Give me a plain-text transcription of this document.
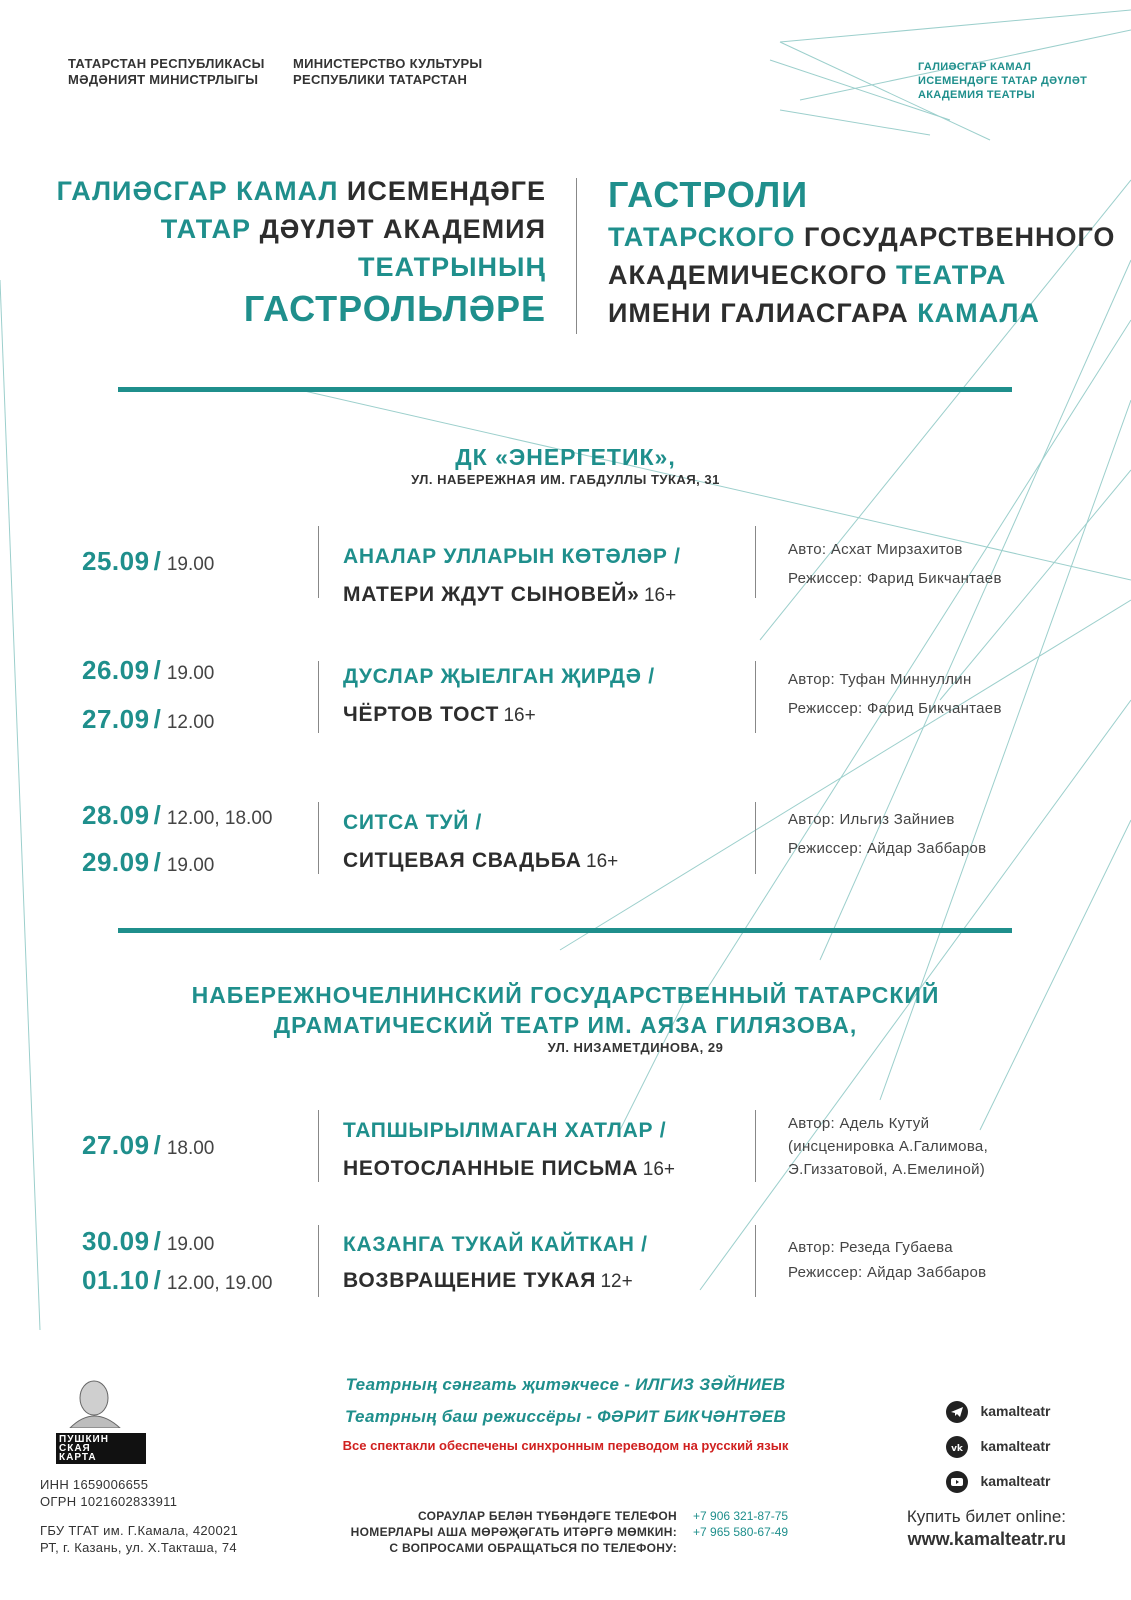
ТАТАРСТАН РЕСПУБЛИКАСЫ
МӘДӘНИЯТ МИНИСТРЛЫГЫ
МИНИСТЕРСТВО КУЛЬТУРЫ
РЕСПУБЛИКИ ТАТАРСТАН
ГАЛИӘСГАР КАМАЛ
ИСЕМЕНДӘГЕ ТАТАР ДӘҮЛӘТ
АКАДЕМИЯ ТЕАТРЫ
ГАЛИӘСГАР КАМАЛ ИСЕМЕНДӘГЕ
ТАТАР ДӘҮЛӘТ АКАДЕМИЯ
ТЕАТРЫНЫҢ
ГАСТРОЛЬЛӘРЕ
ГАСТРОЛИ
ТАТАРСКОГО ГОСУДАРСТВЕННОГО
АКАДЕМИЧЕСКОГО ТЕАТРА
ИМЕНИ ГАЛИАСГАРА КАМАЛА
ДК «ЭНЕРГЕТИК»,
УЛ. НАБЕРЕЖНАЯ ИМ. ГАБДУЛЛЫ ТУКАЯ, 31
25.09 / 19.00	АНАЛАР УЛЛАРЫН КӨТӘЛӘР /
МАТЕРИ ЖДУТ СЫНОВЕЙ» 16+
Авто: Асхат Мирзахитов
Режиссер: Фарид Бикчантаев
26.09 / 19.00
27.09 / 12.00
ДУСЛАР ҖЫЕЛГАН ҖИРДӘ /
ЧЁРТОВ ТОСТ 16+
Автор: Туфан Миннуллин
Режиссер: Фарид Бикчантаев
28.09 / 12.00, 18.00
29.09 / 19.00
СИТСА ТУЙ /
СИТЦЕВАЯ СВАДЬБА 16+
Автор: Ильгиз Зайниев
Режиссер: Айдар Заббаров
НАБЕРЕЖНОЧЕЛНИНСКИЙ ГОСУДАРСТВЕННЫЙ ТАТАРСКИЙ
ДРАМАТИЧЕСКИЙ ТЕАТР ИМ. АЯЗА ГИЛЯЗОВА,
УЛ. НИЗАМЕТДИНОВА, 29
27.09 / 18.00
ТАПШЫРЫЛМАГАН ХАТЛАР /
НЕОТОСЛАННЫЕ ПИСЬМА 16+
Автор: Адель Кутуй
(инсценировка А.Галимова,
Э.Гиззатовой, А.Емелиной)
30.09 / 19.00
01.10 / 12.00, 19.00
КАЗАНГА ТУКАЙ КАЙТКАН /
ВОЗВРАЩЕНИЕ ТУКАЯ 12+
Автор: Резеда Губаева
Режиссер: Айдар Заббаров
Театрның сәнгать җитәкчесе - ИЛГИЗ ЗӘЙНИЕВ
Театрның баш режиссёры - ФӘРИТ БИКЧӘНТӘЕВ
Все спектакли обеспечены синхронным переводом на русский язык
ПУШКИН
СКАЯ
КАРТА
ИНН 1659006655
ОГРН 1021602833911
ГБУ ТГАТ им. Г.Камала, 420021
РТ, г. Казань, ул. Х.Такташа, 74
СОРАУЛАР БЕЛӘН ТҮБӘНДӘГЕ ТЕЛЕФОН
НОМЕРЛАРЫ АША МӨРӘҖӘГАТЬ ИТӘРГӘ МӨМКИН:
С ВОПРОСАМИ ОБРАЩАТЬСЯ ПО ТЕЛЕФОНУ:
+7 906 321-87-75
+7 965 580-67-49
kamalteatr
vk kamalteatr
kamalteatr
Купить билет online:
www.kamalteatr.ru
